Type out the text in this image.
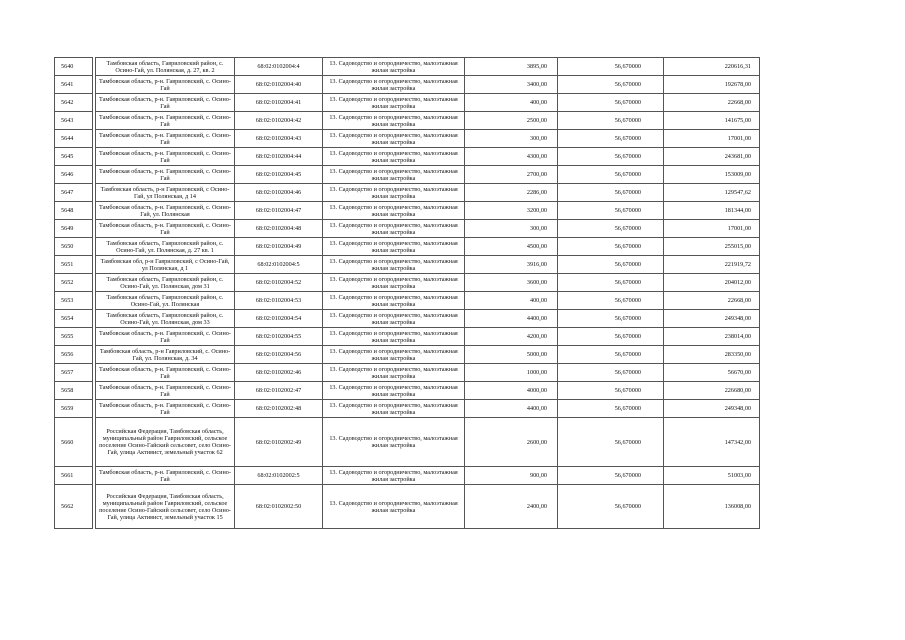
5640		Тамбовская область, Гавриловский район, с. Осино-Гай, ул. Полянская, д. 27, кв. 2	68:02:0102004:4	13. Садоводство и огородничество, малоэтажная жилая застройка	3895,00	56,670000	220616,31
5641		Тамбовская область, р-н. Гавриловский, с. Осино-Гай	68:02:0102004:40	13. Садоводство и огородничество, малоэтажная жилая застройка	3400,00	56,670000	192678,00
5642		Тамбовская область, р-н. Гавриловский, с. Осино-Гай	68:02:0102004:41	13. Садоводство и огородничество, малоэтажная жилая застройка	400,00	56,670000	22668,00
5643		Тамбовская область, р-н. Гавриловский, с. Осино-Гай	68:02:0102004:42	13. Садоводство и огородничество, малоэтажная жилая застройка	2500,00	56,670000	141675,00
5644		Тамбовская область, р-н. Гавриловский, с. Осино-Гай	68:02:0102004:43	13. Садоводство и огородничество, малоэтажная жилая застройка	300,00	56,670000	17001,00
5645		Тамбовская область, р-н. Гавриловский, с. Осино-Гай	68:02:0102004:44	13. Садоводство и огородничество, малоэтажная жилая застройка	4300,00	56,670000	243681,00
5646		Тамбовская область, р-н. Гавриловский, с. Осино-Гай	68:02:0102004:45	13. Садоводство и огородничество, малоэтажная жилая застройка	2700,00	56,670000	153009,00
5647		Тамбовская область, р-н Гавриловский, с Осино-Гай, ул Полянская, д 14	68:02:0102004:46	13. Садоводство и огородничество, малоэтажная жилая застройка	2286,00	56,670000	129547,62
5648		Тамбовская область, р-н. Гавриловский, с. Осино-Гай, ул. Полянская	68:02:0102004:47	13. Садоводство и огородничество, малоэтажная жилая застройка	3200,00	56,670000	181344,00
5649		Тамбовская область, р-н. Гавриловский, с. Осино-Гай	68:02:0102004:48	13. Садоводство и огородничество, малоэтажная жилая застройка	300,00	56,670000	17001,00
5650		Тамбовская область, Гавриловский район, с. Осино-Гай, ул. Полянская, д. 27 кв. 1	68:02:0102004:49	13. Садоводство и огородничество, малоэтажная жилая застройка	4500,00	56,670000	255015,00
5651		Тамбовская обл, р-н Гавриловский, с Осино-Гай, ул Полянская, д 1	68:02:0102004:5	13. Садоводство и огородничество, малоэтажная жилая застройка	3916,00	56,670000	221919,72
5652		Тамбовская область, Гавриловский район, с. Осино-Гай, ул. Полянская, дом 31	68:02:0102004:52	13. Садоводство и огородничество, малоэтажная жилая застройка	3600,00	56,670000	204012,00
5653		Тамбовская область, Гавриловский район, с. Осино-Гай, ул. Полянская	68:02:0102004:53	13. Садоводство и огородничество, малоэтажная жилая застройка	400,00	56,670000	22668,00
5654		Тамбовская область, Гавриловский район, с. Осино-Гай, ул. Полянская, дом 33	68:02:0102004:54	13. Садоводство и огородничество, малоэтажная жилая застройка	4400,00	56,670000	249348,00
5655		Тамбовская область, р-н. Гавриловский, с. Осино-Гай	68:02:0102004:55	13. Садоводство и огородничество, малоэтажная жилая застройка	4200,00	56,670000	238014,00
5656		Тамбовская область, р-н Гавриловский, с. Осино-Гай, ул. Полянская, д. 34	68:02:0102004:56	13. Садоводство и огородничество, малоэтажная жилая застройка	5000,00	56,670000	283350,00
5657		Тамбовская область, р-н. Гавриловский, с. Осино-Гай	68:02:0102002:46	13. Садоводство и огородничество, малоэтажная жилая застройка	1000,00	56,670000	56670,00
5658		Тамбовская область, р-н. Гавриловский, с. Осино-Гай	68:02:0102002:47	13. Садоводство и огородничество, малоэтажная жилая застройка	4000,00	56,670000	226680,00
5659		Тамбовская область, р-н. Гавриловский, с. Осино-Гай	68:02:0102002:48	13. Садоводство и огородничество, малоэтажная жилая застройка	4400,00	56,670000	249348,00
5660		Российская Федерация, Тамбовская область, муниципальный район Гавриловский, сельское поселение Осино-Гайский сельсовет, село Осино-Гай, улица Активист, земельный участок 62	68:02:0102002:49	13. Садоводство и огородничество, малоэтажная жилая застройка	2600,00	56,670000	147342,00
5661		Тамбовская область, р-н. Гавриловский, с. Осино-Гай	68:02:0102002:5	13. Садоводство и огородничество, малоэтажная жилая застройка	900,00	56,670000	51003,00
5662		Российская Федерация, Тамбовская область, муниципальный район Гавриловский, сельское поселение Осино-Гайский сельсовет, село Осино-Гай, улица Активист, земельный участок 15	68:02:0102002:50	13. Садоводство и огородничество, малоэтажная жилая застройка	2400,00	56,670000	136008,00
